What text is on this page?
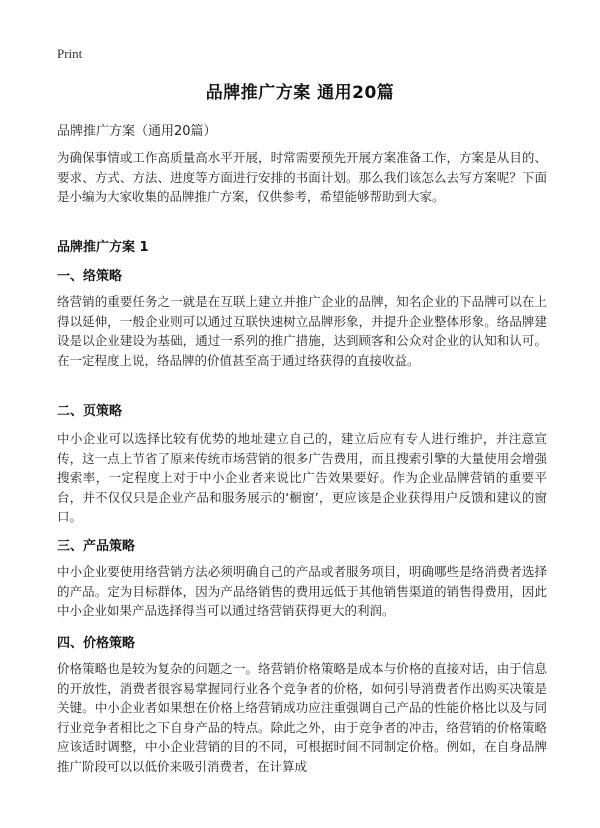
Print
品牌推广方案 通用20篇
品牌推广方案（通用20篇）

为确保事情或工作高质量高水平开展，时常需要预先开展方案准备工作，方案是从目的、要求、方式、方法、进度等方面进行安排的书面计划。那么我们该怎么去写方案呢？下面是小编为大家收集的品牌推广方案，仅供参考，希望能够帮助到大家。

品牌推广方案 1
一、络策略

络营销的重要任务之一就是在互联上建立并推广企业的品牌，知名企业的下品牌可以在上得以延伸，一般企业则可以通过互联快速树立品牌形象，并提升企业整体形象。络品牌建设是以企业建设为基础，通过一系列的推广措施，达到顾客和公众对企业的认知和认可。在一定程度上说，络品牌的价值甚至高于通过络获得的直接收益。

二、页策略

中小企业可以选择比较有优势的地址建立自己的，建立后应有专人进行维护，并注意宣传，这一点上节省了原来传统市场营销的很多广告费用，而且搜索引擎的大量使用会增强搜索率，一定程度上对于中小企业者来说比广告效果要好。作为企业品牌营销的重要平台，并不仅仅只是企业产品和服务展示的‘橱窗’，更应该是企业获得用户反馈和建议的窗口。

三、产品策略

中小企业要使用络营销方法必须明确自己的产品或者服务项目，明确哪些是络消费者选择的产品。定为目标群体，因为产品络销售的费用远低于其他销售渠道的销售得费用，因此中小企业如果产品选择得当可以通过络营销获得更大的利润。

四、价格策略

价格策略也是较为复杂的问题之一。络营销价格策略是成本与价格的直接对话，由于信息的开放性，消费者很容易掌握同行业各个竞争者的价格，如何引导消费者作出购买决策是关键。中小企业者如果想在价格上络营销成功应注重强调自己产品的性能价格比以及与同行业竞争者相比之下自身产品的特点。除此之外，由于竞争者的冲击，络营销的价格策略应该适时调整，中小企业营销的目的不同，可根据时间不同制定价格。例如，在自身品牌推广阶段可以以低价来吸引消费者，在计算成
